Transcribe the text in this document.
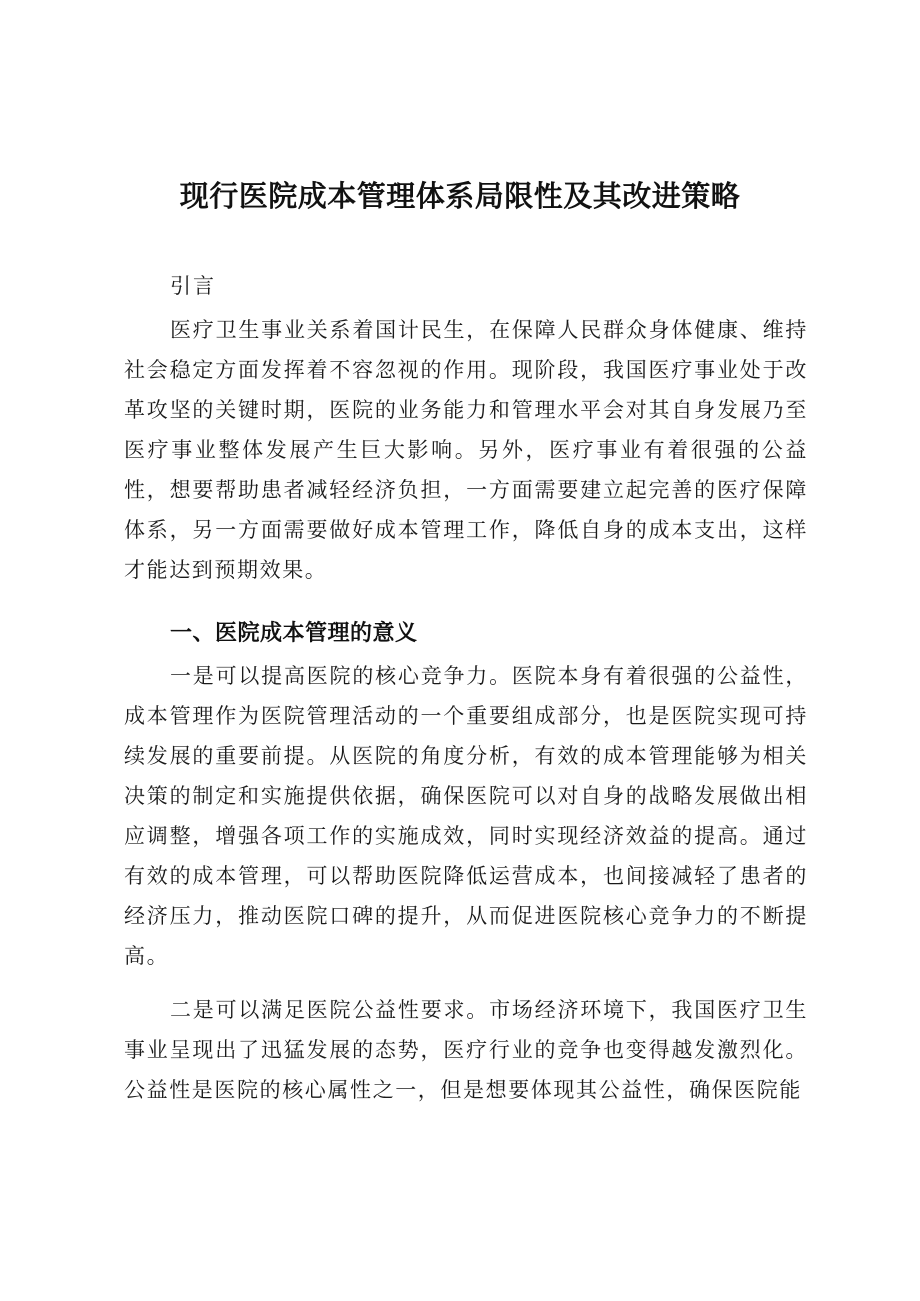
现行医院成本管理体系局限性及其改进策略

引言

医疗卫生事业关系着国计民生，在保障人民群众身体健康、维持社会稳定方面发挥着不容忽视的作用。现阶段，我国医疗事业处于改革攻坚的关键时期，医院的业务能力和管理水平会对其自身发展乃至医疗事业整体发展产生巨大影响。另外，医疗事业有着很强的公益性，想要帮助患者减轻经济负担，一方面需要建立起完善的医疗保障体系，另一方面需要做好成本管理工作，降低自身的成本支出，这样才能达到预期效果。

一、医院成本管理的意义

一是可以提高医院的核心竞争力。医院本身有着很强的公益性，成本管理作为医院管理活动的一个重要组成部分，也是医院实现可持续发展的重要前提。从医院的角度分析，有效的成本管理能够为相关决策的制定和实施提供依据，确保医院可以对自身的战略发展做出相应调整，增强各项工作的实施成效，同时实现经济效益的提高。通过有效的成本管理，可以帮助医院降低运营成本，也间接减轻了患者的经济压力，推动医院口碑的提升，从而促进医院核心竞争力的不断提高。

二是可以满足医院公益性要求。市场经济环境下，我国医疗卫生事业呈现出了迅猛发展的态势，医疗行业的竞争也变得越发激烈化。公益性是医院的核心属性之一，但是想要体现其公益性，确保医院能
